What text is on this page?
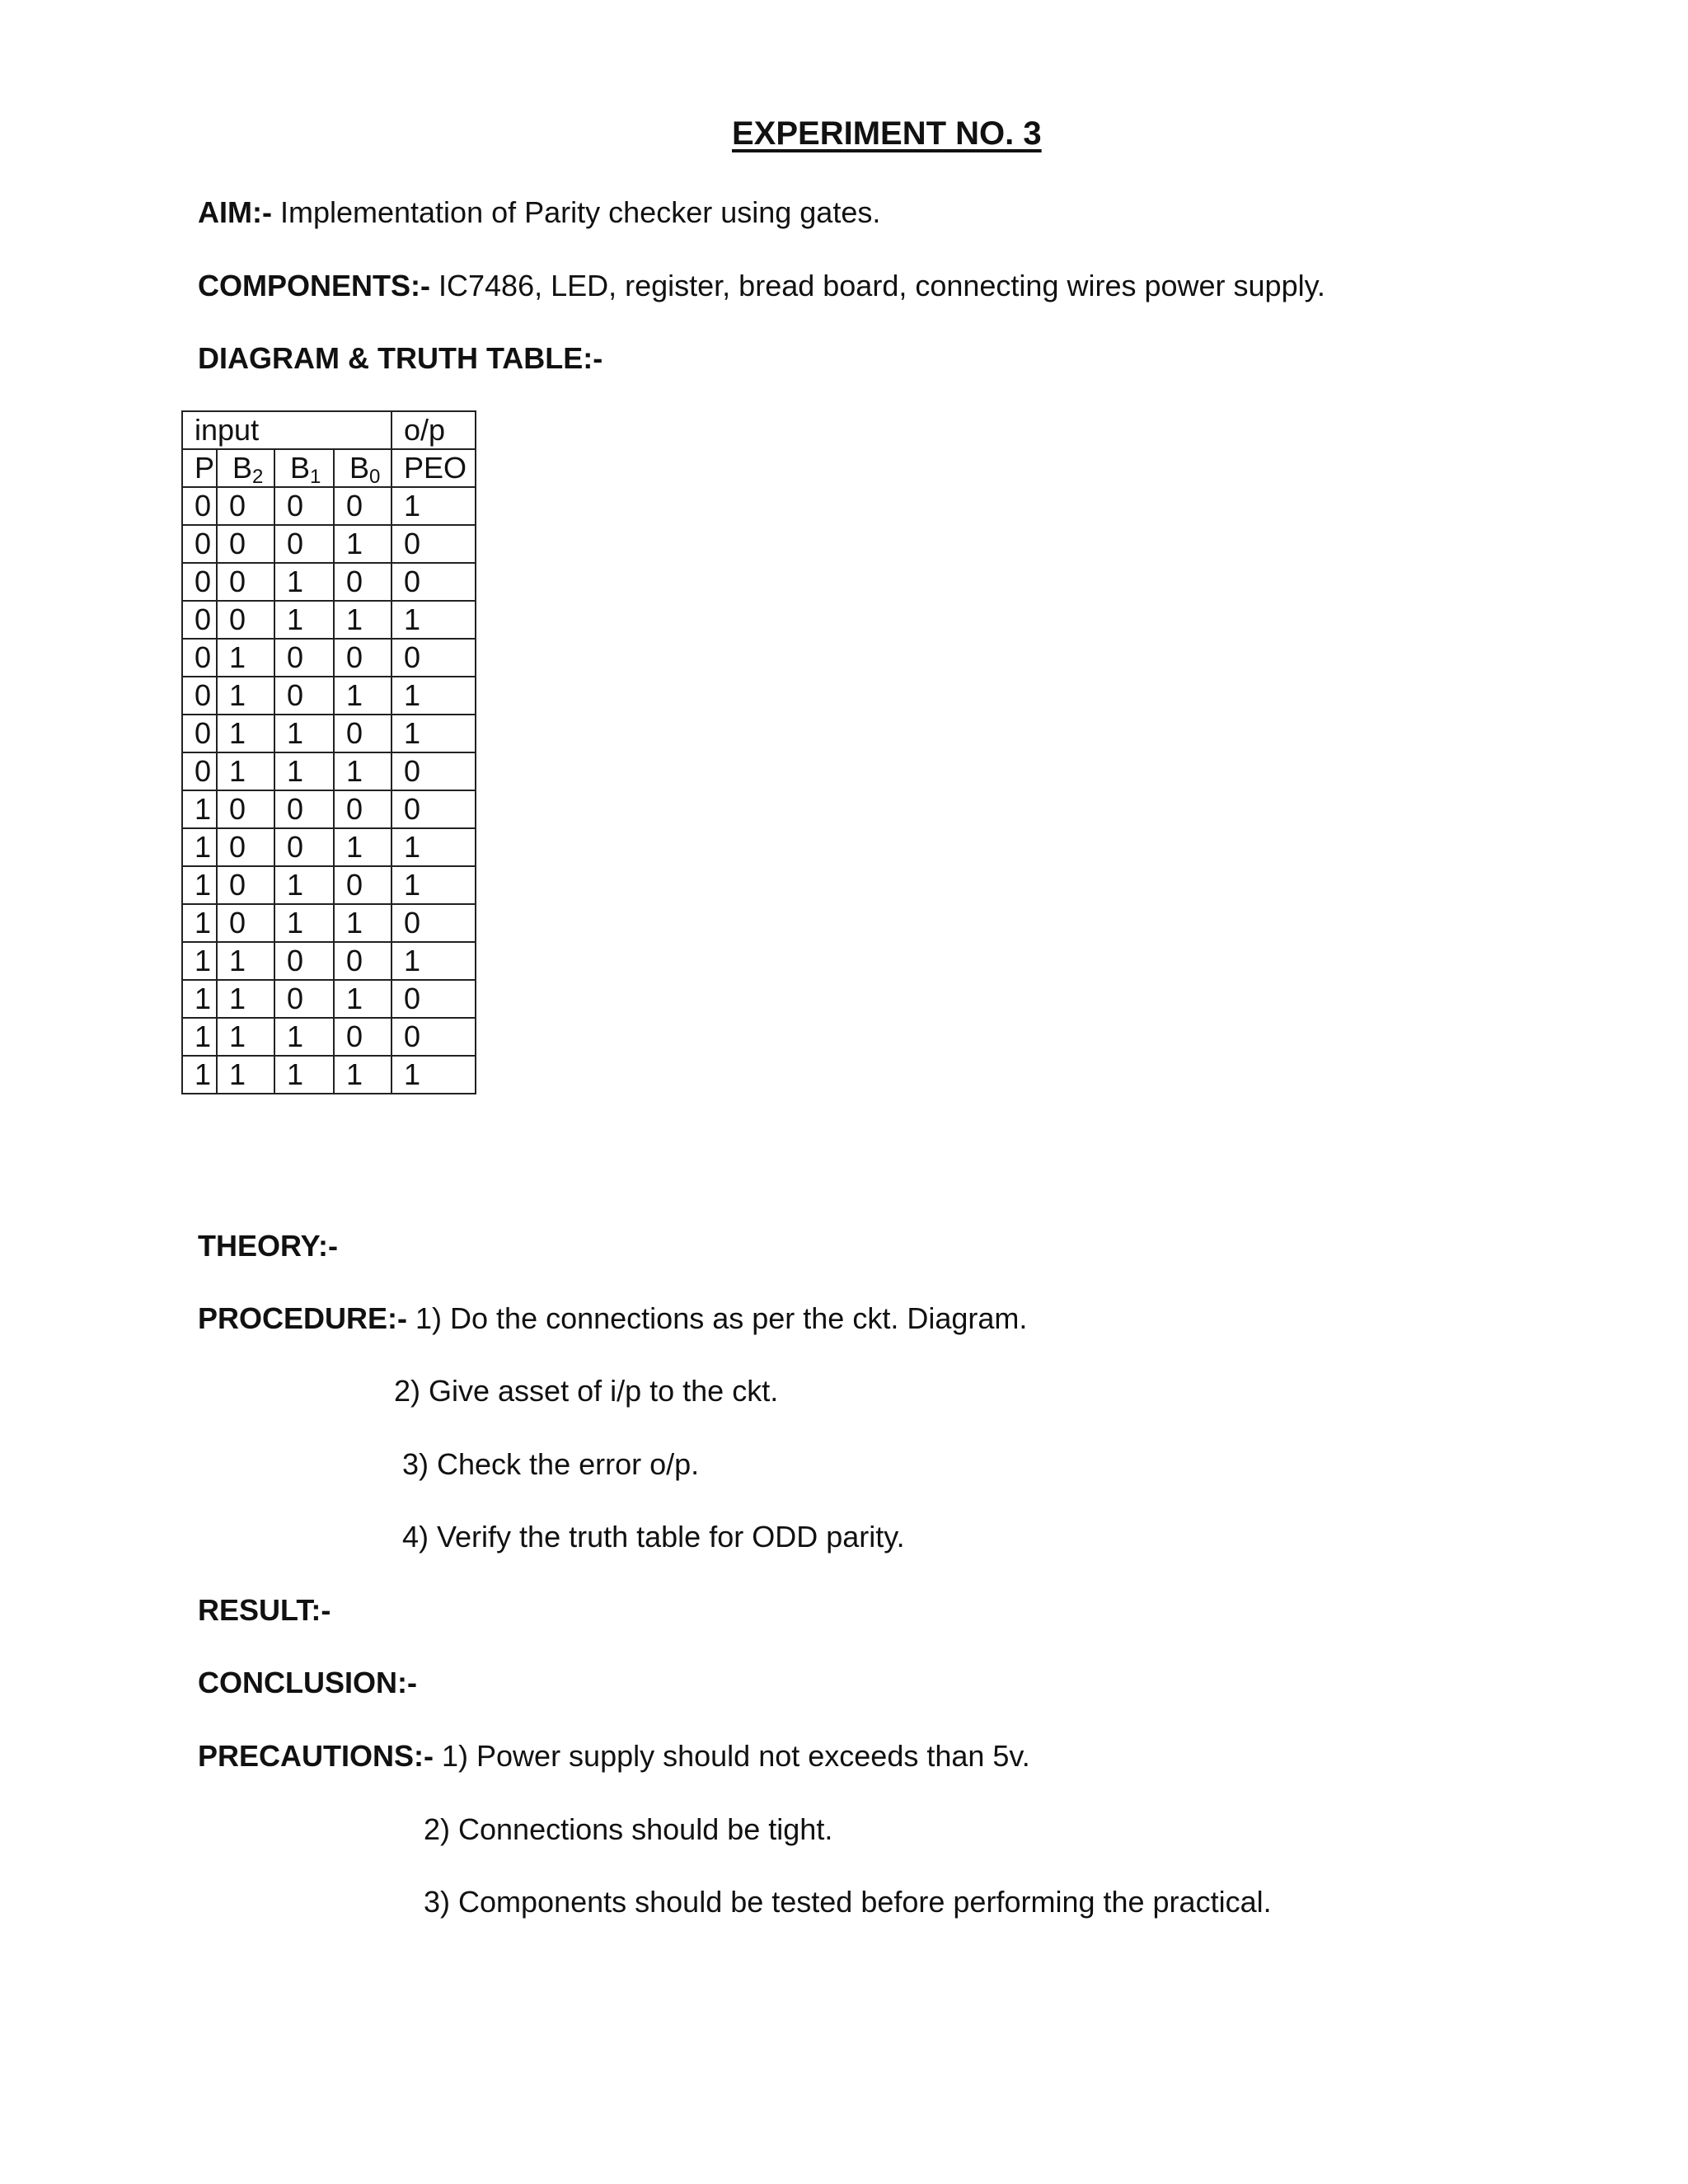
EXPERIMENT NO. 3
AIM:- Implementation of Parity checker using gates.
COMPONENTS:- IC7486, LED, register, bread board, connecting wires power supply.
DIAGRAM & TRUTH TABLE:-
input				o/p
P	$B_2$	$B_1$	$B_0$	PEO
0	0	0	0	1
0	0	0	1	0
0	0	1	0	0
0	0	1	1	1
0	1	0	0	0
0	1	0	1	1
0	1	1	0	1
0	1	1	1	0
1	0	0	0	0
1	0	0	1	1
1	0	1	0	1
1	0	1	1	0
1	1	0	0	1
1	1	0	1	0
1	1	1	0	0
1	1	1	1	1
THEORY:-
PROCEDURE:- 1) Do the connections as per the ckt. Diagram.
2) Give asset of i/p to the ckt.
3) Check the error o/p.
4) Verify the truth table for ODD parity.
RESULT:-
CONCLUSION:-
PRECAUTIONS:- 1) Power supply should not exceeds than 5v.
2) Connections should be tight.
3) Components should be tested before performing the practical.
